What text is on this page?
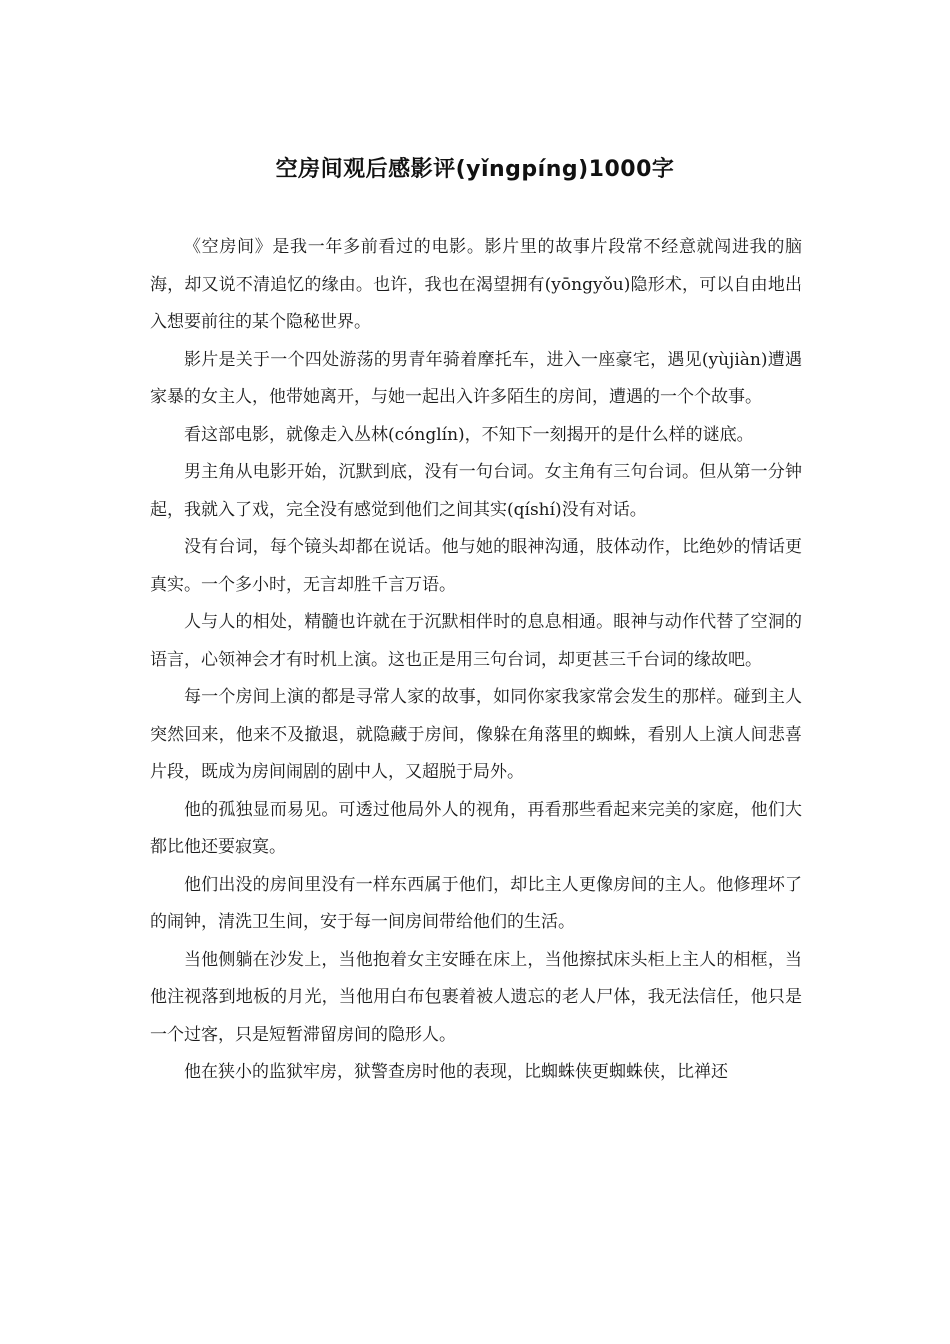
空房间观后感影评(yǐngpíng)1000字

《空房间》是我一年多前看过的电影。影片里的故事片段常不经意就闯进我的脑海，却又说不清追忆的缘由。也许，我也在渴望拥有(yōngyǒu)隐形术，可以自由地出入想要前往的某个隐秘世界。

影片是关于一个四处游荡的男青年骑着摩托车，进入一座豪宅，遇见(yùjiàn)遭遇家暴的女主人，他带她离开，与她一起出入许多陌生的房间，遭遇的一个个故事。

看这部电影，就像走入丛林(cónglín)，不知下一刻揭开的是什么样的谜底。

男主角从电影开始，沉默到底，没有一句台词。女主角有三句台词。但从第一分钟起，我就入了戏，完全没有感觉到他们之间其实(qíshí)没有对话。

没有台词，每个镜头却都在说话。他与她的眼神沟通，肢体动作，比绝妙的情话更真实。一个多小时，无言却胜千言万语。

人与人的相处，精髓也许就在于沉默相伴时的息息相通。眼神与动作代替了空洞的语言，心领神会才有时机上演。这也正是用三句台词，却更甚三千台词的缘故吧。

每一个房间上演的都是寻常人家的故事，如同你家我家常会发生的那样。碰到主人突然回来，他来不及撤退，就隐藏于房间，像躲在角落里的蜘蛛，看别人上演人间悲喜片段，既成为房间闹剧的剧中人，又超脱于局外。

他的孤独显而易见。可透过他局外人的视角，再看那些看起来完美的家庭，他们大都比他还要寂寞。

他们出没的房间里没有一样东西属于他们，却比主人更像房间的主人。他修理坏了的闹钟，清洗卫生间，安于每一间房间带给他们的生活。

当他侧躺在沙发上，当他抱着女主安睡在床上，当他擦拭床头柜上主人的相框，当他注视落到地板的月光，当他用白布包裹着被人遗忘的老人尸体，我无法信任，他只是一个过客，只是短暂滞留房间的隐形人。

他在狭小的监狱牢房，狱警查房时他的表现，比蜘蛛侠更蜘蛛侠，比禅还
